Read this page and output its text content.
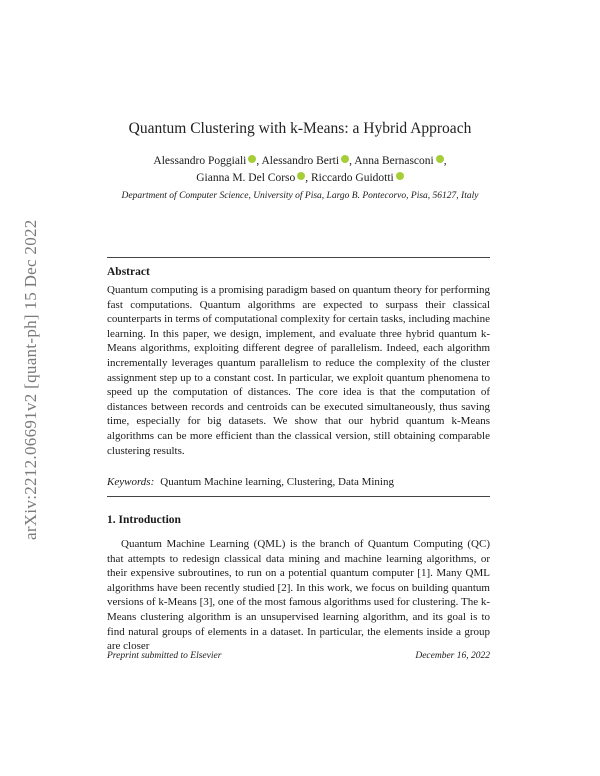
arXiv:2212.06691v2 [quant-ph] 15 Dec 2022
Quantum Clustering with k-Means: a Hybrid Approach
Alessandro Poggiali , Alessandro Berti , Anna Bernasconi ,
Gianna M. Del Corso , Riccardo Guidotti
Department of Computer Science, University of Pisa, Largo B. Pontecorvo, Pisa, 56127, Italy
Abstract

Quantum computing is a promising paradigm based on quantum theory for performing fast computations. Quantum algorithms are expected to surpass their classical counterparts in terms of computational complexity for certain tasks, including machine learning. In this paper, we design, implement, and evaluate three hybrid quantum k-Means algorithms, exploiting different degree of parallelism. Indeed, each algorithm incrementally leverages quantum parallelism to reduce the complexity of the cluster assignment step up to a constant cost. In particular, we exploit quantum phenomena to speed up the computation of distances. The core idea is that the computation of distances between records and centroids can be executed simultaneously, thus saving time, especially for big datasets. We show that our hybrid quantum k-Means algorithms can be more efficient than the classical version, still obtaining comparable clustering results.

Keywords: Quantum Machine learning, Clustering, Data Mining
1. Introduction

Quantum Machine Learning (QML) is the branch of Quantum Computing (QC) that attempts to redesign classical data mining and machine learning algorithms, or their expensive subroutines, to run on a potential quantum computer [1]. Many QML algorithms have been recently studied [2]. In this work, we focus on building quantum versions of k-Means [3], one of the most famous algorithms used for clustering. The k-Means clustering algorithm is an unsupervised learning algorithm, and its goal is to find natural groups of elements in a dataset. In particular, the elements inside a group are closer

Preprint submitted to Elsevier	December 16, 2022
